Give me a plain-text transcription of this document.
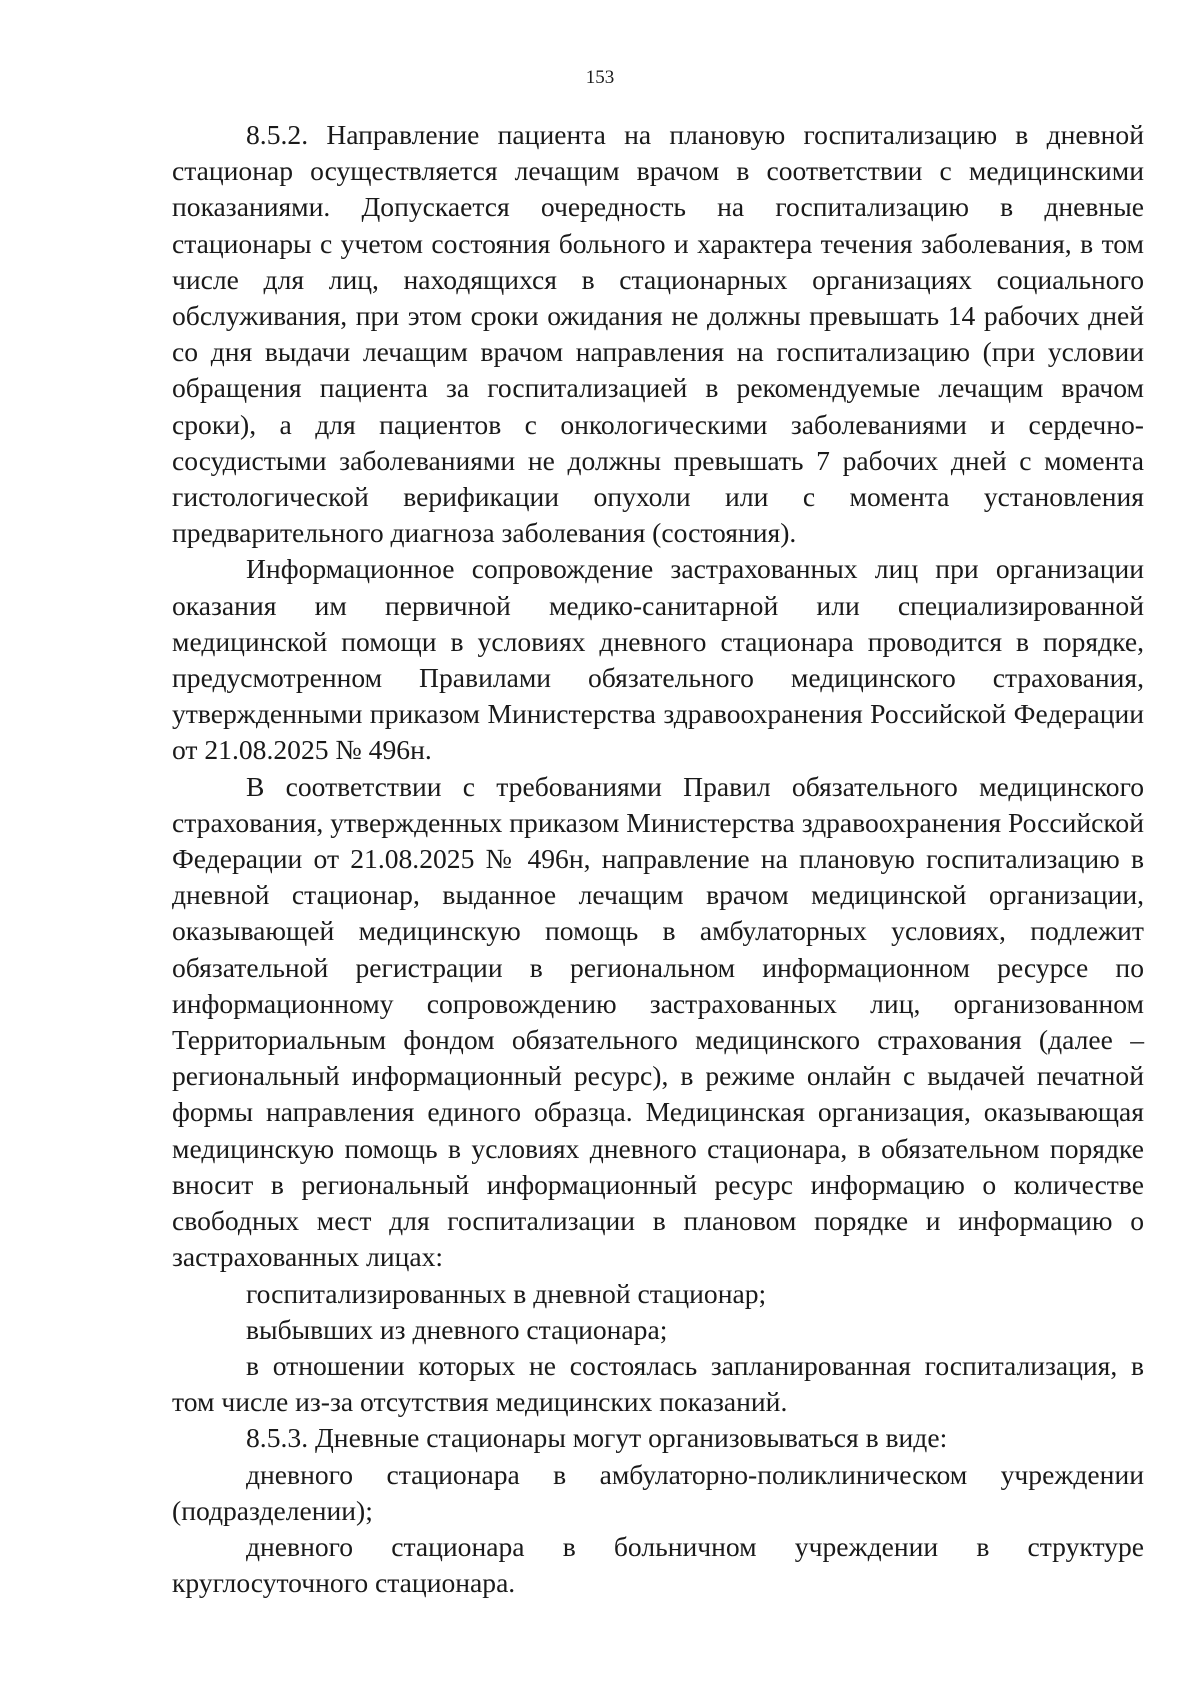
153

8.5.2. Направление пациента на плановую госпитализацию в дневной стационар осуществляется лечащим врачом в соответствии с медицинскими показаниями. Допускается очередность на госпитализацию в дневные стационары с учетом состояния больного и характера течения заболевания, в том числе для лиц, находящихся в стационарных организациях социального обслуживания, при этом сроки ожидания не должны превышать 14 рабочих дней со дня выдачи лечащим врачом направления на госпитализацию (при условии обращения пациента за госпитализацией в рекомендуемые лечащим врачом сроки), а для пациентов с онкологическими заболеваниями и сердечно-сосудистыми заболеваниями не должны превышать 7 рабочих дней с момента гистологической верификации опухоли или с момента установления предварительного диагноза заболевания (состояния).

Информационное сопровождение застрахованных лиц при организации оказания им первичной медико-санитарной или специализированной медицинской помощи в условиях дневного стационара проводится в порядке, предусмотренном Правилами обязательного медицинского страхования, утвержденными приказом Министерства здравоохранения Российской Федерации от 21.08.2025 № 496н.

В соответствии с требованиями Правил обязательного медицинского страхования, утвержденных приказом Министерства здравоохранения Российской Федерации от 21.08.2025 № 496н, направление на плановую госпитализацию в дневной стационар, выданное лечащим врачом медицинской организации, оказывающей медицинскую помощь в амбулаторных условиях, подлежит обязательной регистрации в региональном информационном ресурсе по информационному сопровождению застрахованных лиц, организованном Территориальным фондом обязательного медицинского страхования (далее – региональный информационный ресурс), в режиме онлайн с выдачей печатной формы направления единого образца. Медицинская организация, оказывающая медицинскую помощь в условиях дневного стационара, в обязательном порядке вносит в региональный информационный ресурс информацию о количестве свободных мест для госпитализации в плановом порядке и информацию о застрахованных лицах:

госпитализированных в дневной стационар;

выбывших из дневного стационара;

в отношении которых не состоялась запланированная госпитализация, в том числе из-за отсутствия медицинских показаний.

8.5.3. Дневные стационары могут организовываться в виде:

дневного стационара в амбулаторно-поликлиническом учреждении (подразделении);

дневного стационара в больничном учреждении в структуре круглосуточного стационара.
